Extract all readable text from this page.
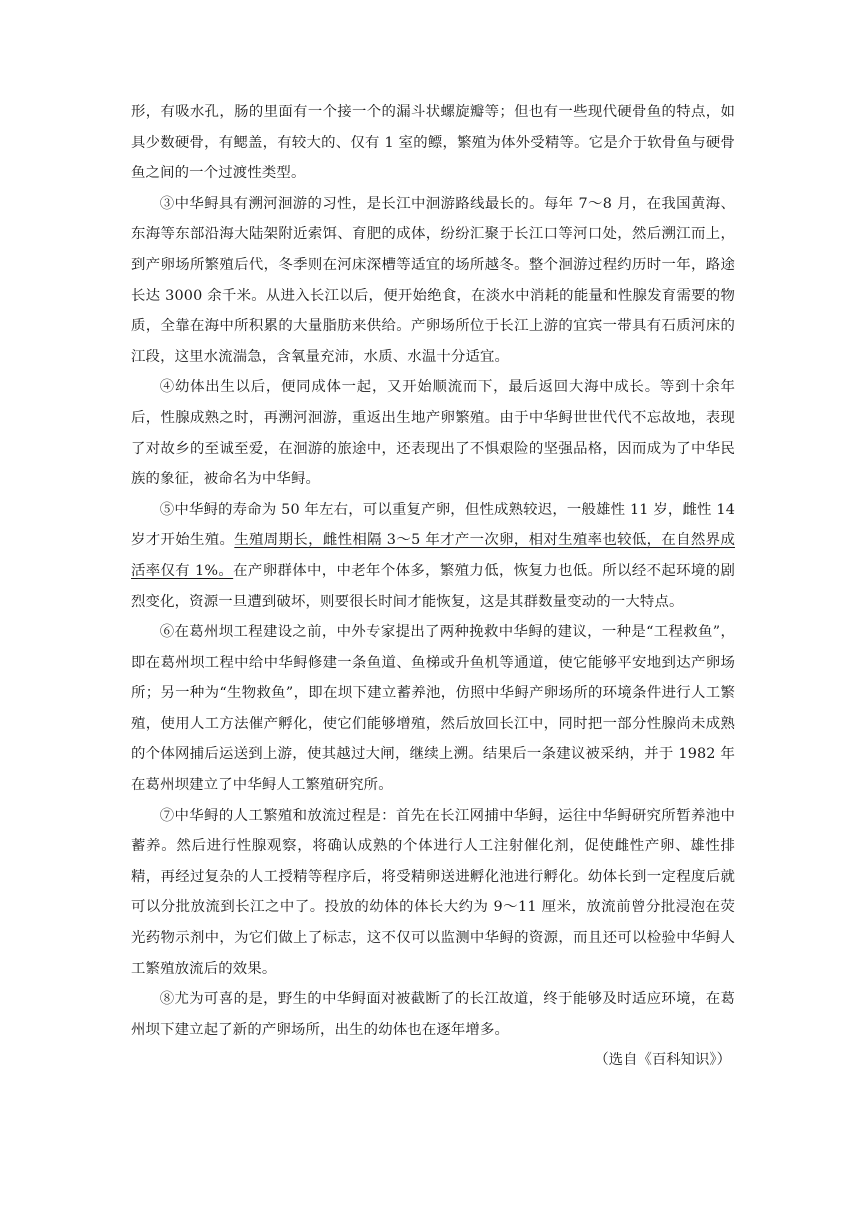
形，有吸水孔，肠的里面有一个接一个的漏斗状螺旋瓣等；但也有一些现代硬骨鱼的特点，如具少数硬骨，有鳃盖，有较大的、仅有 1 室的鳔，繁殖为体外受精等。它是介于软骨鱼与硬骨鱼之间的一个过渡性类型。

③中华鲟具有溯河洄游的习性，是长江中洄游路线最长的。每年 7～8 月，在我国黄海、东海等东部沿海大陆架附近索饵、育肥的成体，纷纷汇聚于长江口等河口处，然后溯江而上，到产卵场所繁殖后代，冬季则在河床深槽等适宜的场所越冬。整个洄游过程约历时一年，路途长达 3000 余千米。从进入长江以后，便开始绝食，在淡水中消耗的能量和性腺发育需要的物质，全靠在海中所积累的大量脂肪来供给。产卵场所位于长江上游的宜宾一带具有石质河床的江段，这里水流湍急，含氧量充沛，水质、水温十分适宜。

④幼体出生以后，便同成体一起，又开始顺流而下，最后返回大海中成长。等到十余年后，性腺成熟之时，再溯河洄游，重返出生地产卵繁殖。由于中华鲟世世代代不忘故地，表现了对故乡的至诚至爱，在洄游的旅途中，还表现出了不惧艰险的坚强品格，因而成为了中华民族的象征，被命名为中华鲟。

⑤中华鲟的寿命为 50 年左右，可以重复产卵，但性成熟较迟，一般雄性 11 岁，雌性 14 岁才开始生殖。生殖周期长，雌性相隔 3～5 年才产一次卵，相对生殖率也较低，在自然界成活率仅有 1%。在产卵群体中，中老年个体多，繁殖力低，恢复力也低。所以经不起环境的剧烈变化，资源一旦遭到破坏，则要很长时间才能恢复，这是其群数量变动的一大特点。

⑥在葛州坝工程建设之前，中外专家提出了两种挽救中华鲟的建议，一种是“工程救鱼”，即在葛州坝工程中给中华鲟修建一条鱼道、鱼梯或升鱼机等通道，使它能够平安地到达产卵场所；另一种为“生物救鱼”，即在坝下建立蓄养池，仿照中华鲟产卵场所的环境条件进行人工繁殖，使用人工方法催产孵化，使它们能够增殖，然后放回长江中，同时把一部分性腺尚未成熟的个体网捕后运送到上游，使其越过大闸，继续上溯。结果后一条建议被采纳，并于 1982 年在葛州坝建立了中华鲟人工繁殖研究所。

⑦中华鲟的人工繁殖和放流过程是：首先在长江网捕中华鲟，运往中华鲟研究所暂养池中蓄养。然后进行性腺观察，将确认成熟的个体进行人工注射催化剂，促使雌性产卵、雄性排精，再经过复杂的人工授精等程序后，将受精卵送进孵化池进行孵化。幼体长到一定程度后就可以分批放流到长江之中了。投放的幼体的体长大约为 9～11 厘米，放流前曾分批浸泡在荧光药物示剂中，为它们做上了标志，这不仅可以监测中华鲟的资源，而且还可以检验中华鲟人工繁殖放流后的效果。

⑧尤为可喜的是，野生的中华鲟面对被截断了的长江故道，终于能够及时适应环境，在葛州坝下建立起了新的产卵场所，出生的幼体也在逐年增多。

（选自《百科知识》）
